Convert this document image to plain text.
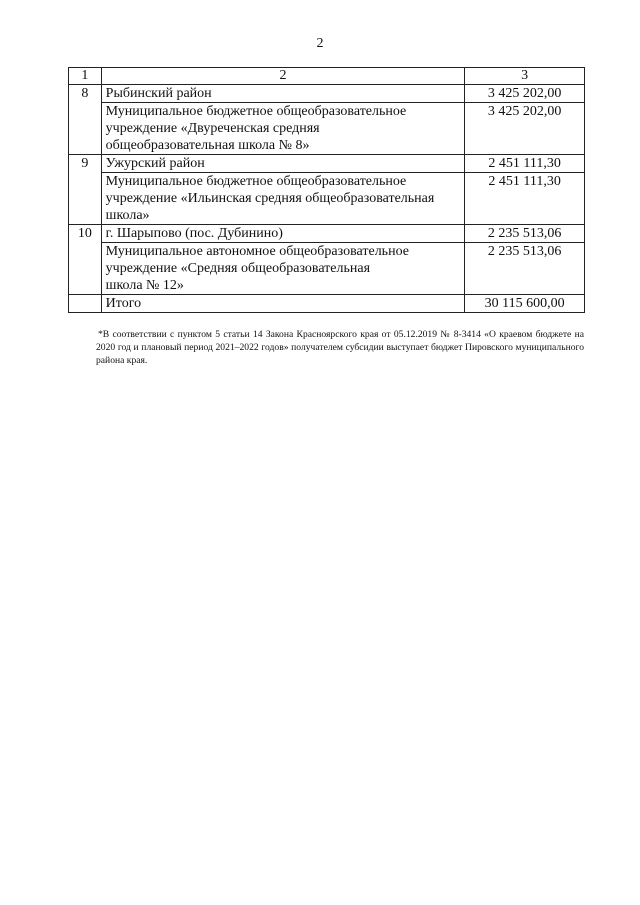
2
1	2	3
8	Рыбинский район	3 425 202,00

	Муниципальное бюджетное общеобразовательное
учреждение «Двуреченская средняя
общеобразовательная школа № 8»	3 425 202,00
9	Ужурский район	2 451 111,30

	Муниципальное бюджетное общеобразовательное
учреждение «Ильинская средняя общеобразовательная
школа»	2 451 111,30
10	г. Шарыпово (пос. Дубинино)	2 235 513,06

	Муниципальное автономное общеобразовательное
учреждение «Средняя общеобразовательная
школа № 12»	2 235 513,06
	Итого	30 115 600,00
*В соответствии с пунктом 5 статьи 14 Закона Красноярского края от 05.12.2019 № 8-3414 «О краевом бюджете на 2020 год и плановый период 2021–2022 годов» получателем субсидии выступает бюджет Пировского муниципального района края.
